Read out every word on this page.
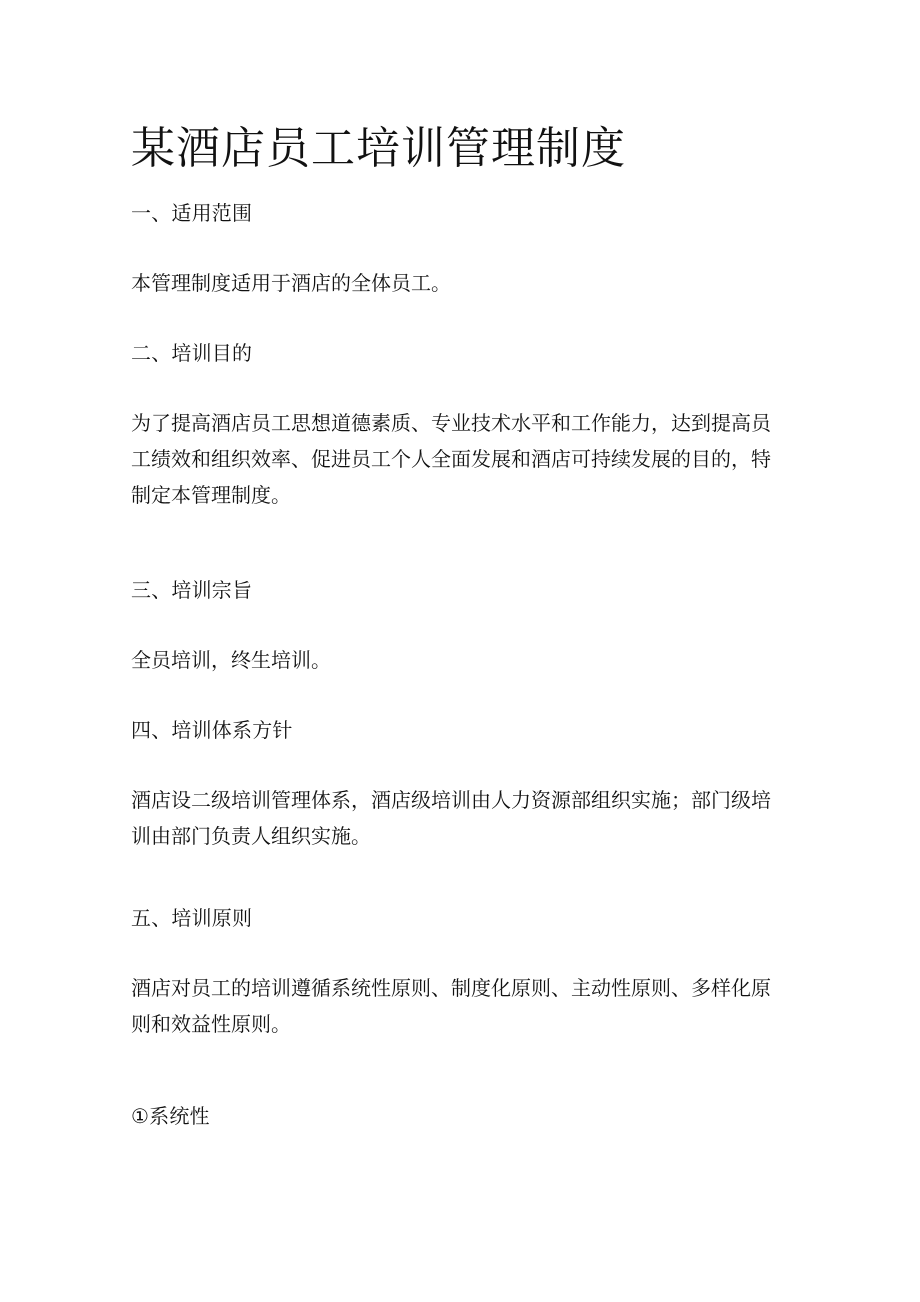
某酒店员工培训管理制度

一、适用范围

本管理制度适用于酒店的全体员工。

二、培训目的

为了提高酒店员工思想道德素质、专业技术水平和工作能力，达到提高员
工绩效和组织效率、促进员工个人全面发展和酒店可持续发展的目的，特
制定本管理制度。

三、培训宗旨

全员培训，终生培训。

四、培训体系方针

酒店设二级培训管理体系，酒店级培训由人力资源部组织实施；部门级培
训由部门负责人组织实施。

五、培训原则

酒店对员工的培训遵循系统性原则、制度化原则、主动性原则、多样化原
则和效益性原则。

①系统性
